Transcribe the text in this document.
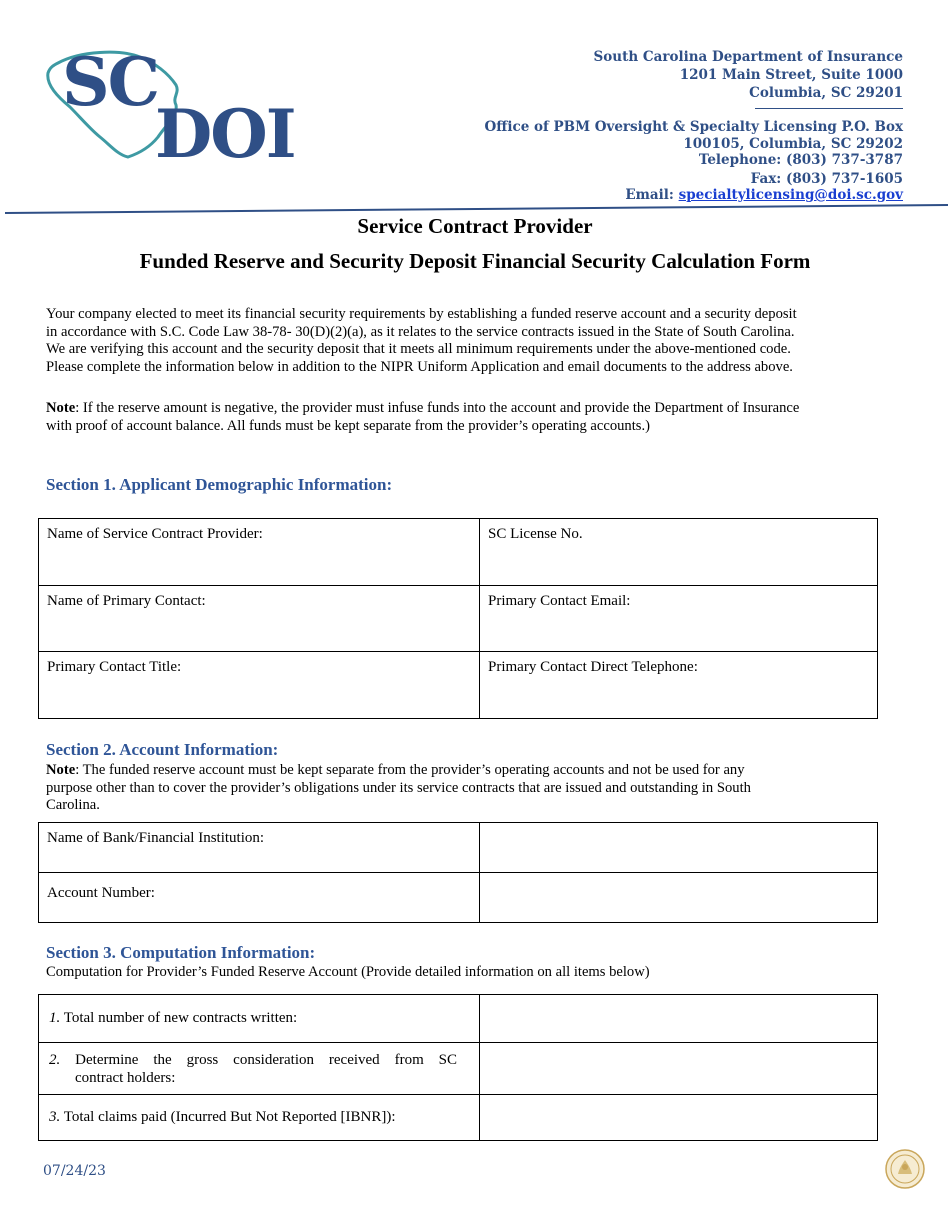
SC
DOI
South Carolina Department of Insurance
1201 Main Street, Suite 1000
Columbia, SC 29201
Office of PBM Oversight & Specialty Licensing P.O. Box
100105, Columbia, SC 29202
Telephone: (803) 737-3787
Fax: (803) 737-1605
Email: specialtylicensing@doi.sc.gov
Service Contract Provider
Funded Reserve and Security Deposit Financial Security Calculation Form

Your company elected to meet its financial security requirements by establishing a funded reserve account and a security deposit

in accordance with S.C. Code Law 38-78- 30(D)(2)(a), as it relates to the service contracts issued in the State of South Carolina.

We are verifying this account and the security deposit that it meets all minimum requirements under the above-mentioned code.

Please complete the information below in addition to the NIPR Uniform Application and email documents to the address above.

Note: If the reserve amount is negative, the provider must infuse funds into the account and provide the Department of Insurance

with proof of account balance. All funds must be kept separate from the provider’s operating accounts.)

Section 1. Applicant Demographic Information:
Name of Service Contract Provider:	SC License No.
Name of Primary Contact:	Primary Contact Email:
Primary Contact Title:	Primary Contact Direct Telephone:
Section 2. Account Information:

Note: The funded reserve account must be kept separate from the provider’s operating accounts and not be used for any

purpose other than to cover the provider’s obligations under its service contracts that are issued and outstanding in South

Carolina.

Name of Bank/Financial Institution:	
Account Number:	
Section 3. Computation Information:
Computation for Provider’s Funded Reserve Account (Provide detailed information on all items below)
1. Total number of new contracts written:	

2. Determine the gross consideration received from SC
contract holders:	

3. Total claims paid (Incurred But Not Reported [IBNR]):	
07/24/23
